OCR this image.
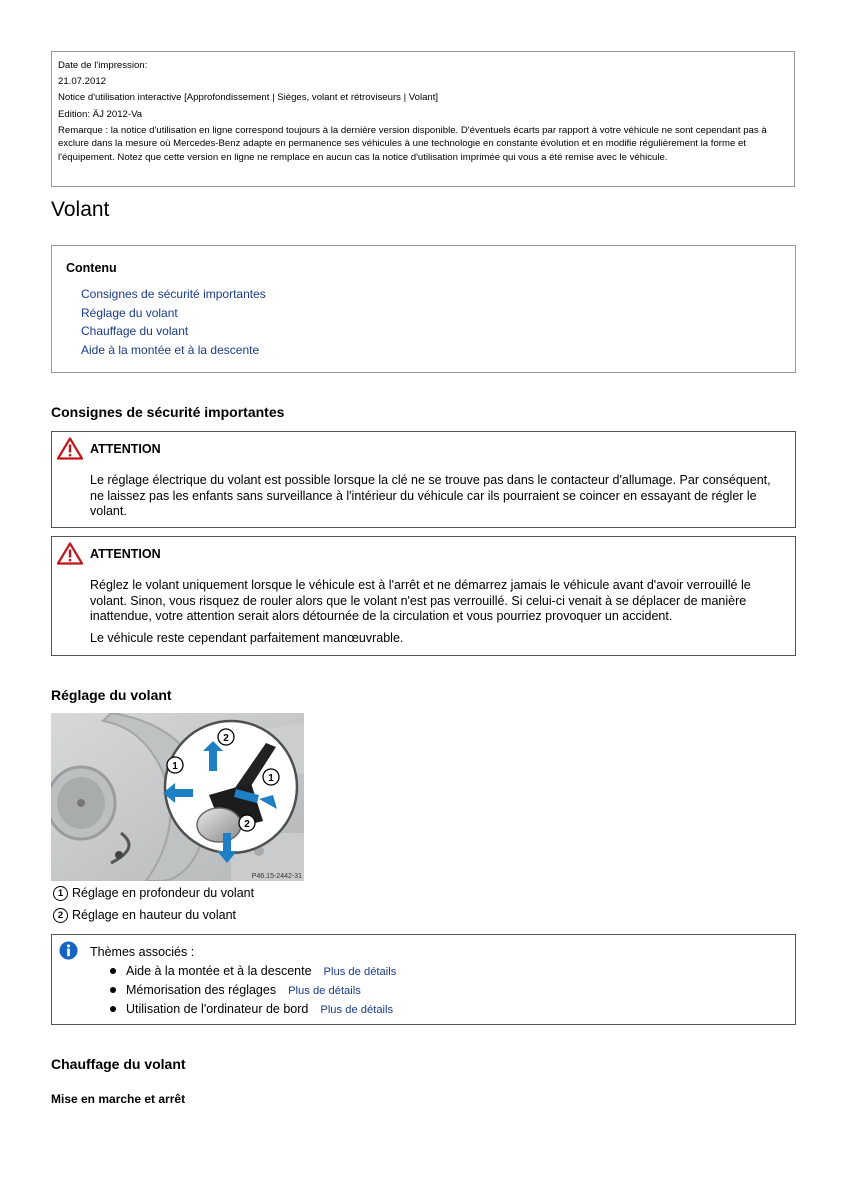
Date de l'impression:

21.07.2012

Notice d'utilisation interactive [Approfondissement | Sièges, volant et rétroviseurs | Volant]

Edition: ÄJ 2012-Va

Remarque : la notice d'utilisation en ligne correspond toujours à la dernière version disponible. D'éventuels écarts par rapport à votre véhicule ne sont cependant pas à exclure dans la mesure où Mercedes-Benz adapte en permanence ses véhicules à une technologie en constante évolution et en modifie régulièrement la forme et l'équipement. Notez que cette version en ligne ne remplace en aucun cas la notice d'utilisation imprimée qui vous a été remise avec le véhicule.

Volant
Contenu
Consignes de sécurité importantes
Réglage du volant
Chauffage du volant
Aide à la montée et à la descente
Consignes de sécurité importantes
ATTENTION

Le réglage électrique du volant est possible lorsque la clé ne se trouve pas dans le contacteur d'allumage. Par conséquent, ne laissez pas les enfants sans surveillance à l'intérieur du véhicule car ils pourraient se coincer en essayant de régler le volant.

ATTENTION

Réglez le volant uniquement lorsque le véhicule est à l'arrêt et ne démarrez jamais le véhicule avant d'avoir verrouillé le volant. Sinon, vous risquez de rouler alors que le volant n'est pas verrouillé. Si celui-ci venait à se déplacer de manière inattendue, votre attention serait alors détournée de la circulation et vous pourriez provoquer un accident.

Le véhicule reste cependant parfaitement manœuvrable.

Réglage du volant
2
1
1
2
P46.15-2442-31
1 Réglage en profondeur du volant
2 Réglage en hauteur du volant
Thèmes associés :
Aide à la montée et à la descente Plus de détails
Mémorisation des réglages Plus de détails
Utilisation de l'ordinateur de bord Plus de détails
Chauffage du volant
Mise en marche et arrêt
